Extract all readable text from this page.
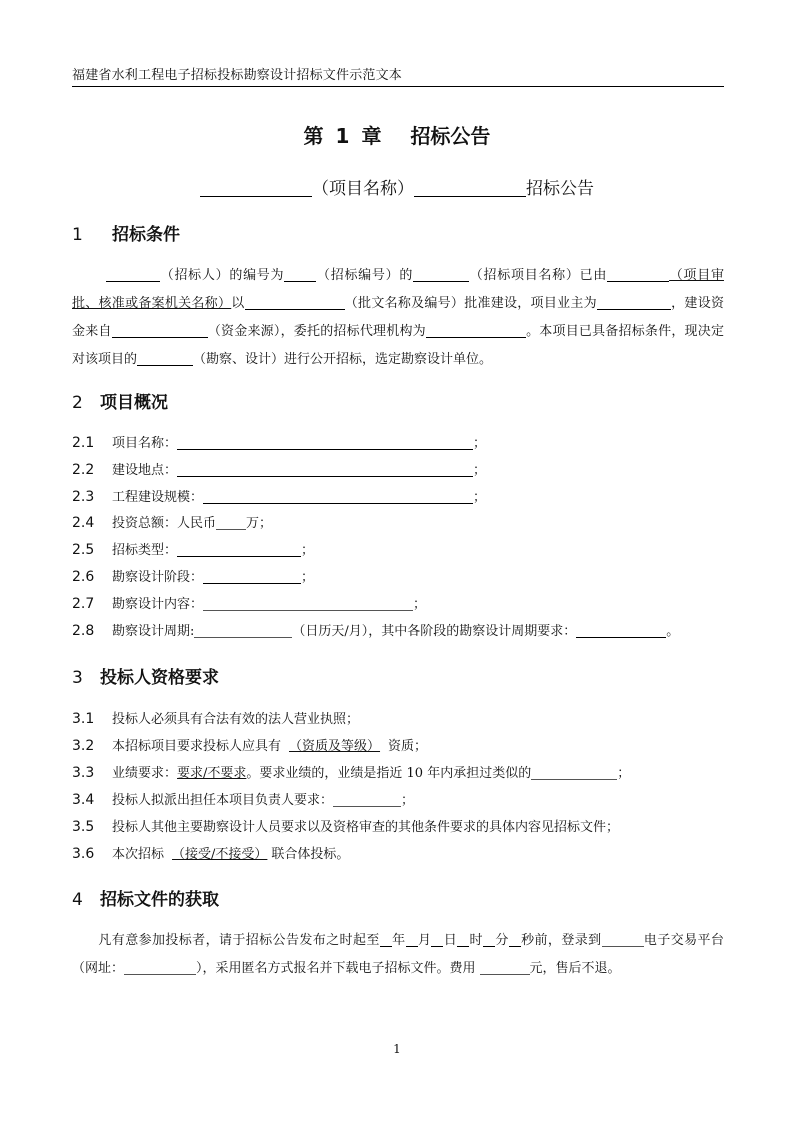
福建省水利工程电子招标投标勘察设计招标文件示范文本
第 1 章 招标公告
（项目名称）	招标公告
1 招标条件
（招标人）的编号为 （招标编号）的	（招标项目名称）已由	（项目审批、核准或备案机关名称）以	（批文名称及编号）批准建设，项目业主为	，建设资金来自	（资金来源），委托的招标代理机构为	。本项目已具备招标条件，现决定对该项目的	（勘察、设计）进行公开招标，选定勘察设计单位。
2 项目概况
2.1 项目名称：	；
2.2 建设地点：	；
2.3 工程建设规模：	；
2.4 投资总额：人民币 万；
2.5 招标类型：	；
2.6 勘察设计阶段：	；
2.7 勘察设计内容：	；
2.8 勘察设计周期:	（日历天/月），其中各阶段的勘察设计周期要求：	。
3 投标人资格要求
3.1 投标人必须具有合法有效的法人营业执照；
3.2 本招标项目要求投标人应具有 （资质及等级） 资质；
3.3 业绩要求：要求/不要求。要求业绩的，业绩是指近 10 年内承担过类似的	；
3.4 投标人拟派出担任本项目负责人要求：	；
3.5 投标人其他主要勘察设计人员要求以及资格审查的其他条件要求的具体内容见招标文件；
3.6 本次招标 （接受/不接受） 联合体投标。
4 招标文件的获取
凡有意参加投标者，请于招标公告发布之时起至 年 月 日 时 分 秒前，登录到	电子交易平台（网址：	），采用匿名方式报名并下载电子招标文件。费用	元，售后不退。
1
